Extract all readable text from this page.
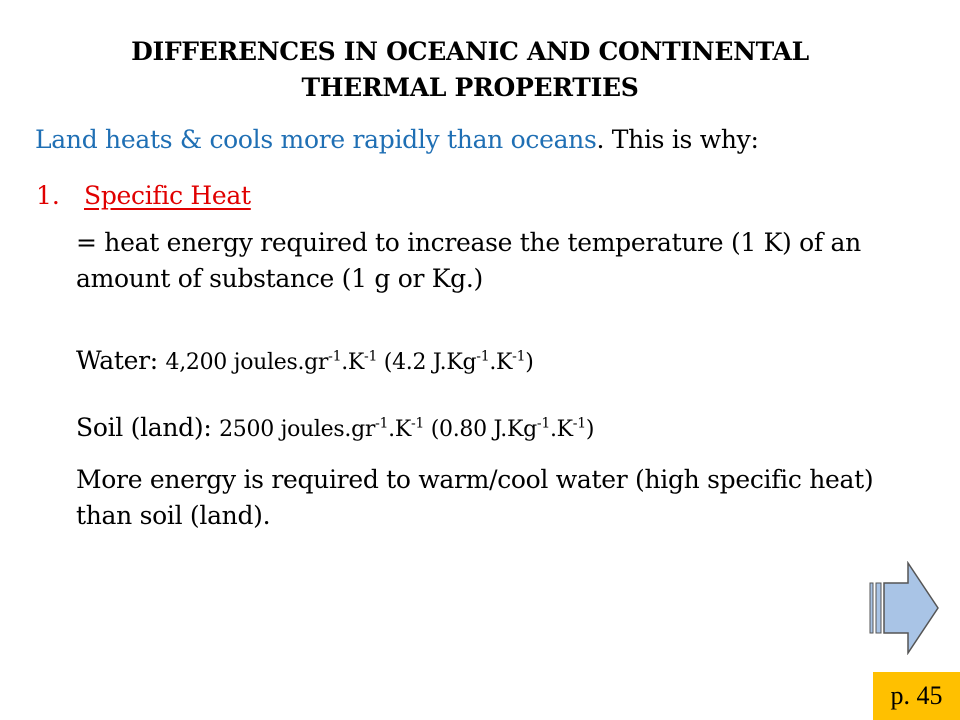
DIFFERENCES IN OCEANIC AND CONTINENTAL
THERMAL PROPERTIES
Land heats & cools more rapidly than oceans. This is why:
1. Specific Heat
= heat energy required to increase the temperature (1 K) of an amount of substance (1 g or Kg.)
Water: 4,200 $joules.gr^{-1}.K^{-1}$ (4.2 $J.Kg^{-1}.K^{-1}$)
Soil (land): 2500 $joules.gr^{-1}.K^{-1}$ (0.80 $J.Kg^{-1}.K^{-1}$)
More energy is required to warm/cool water (high specific heat) than soil (land).
p. 45
